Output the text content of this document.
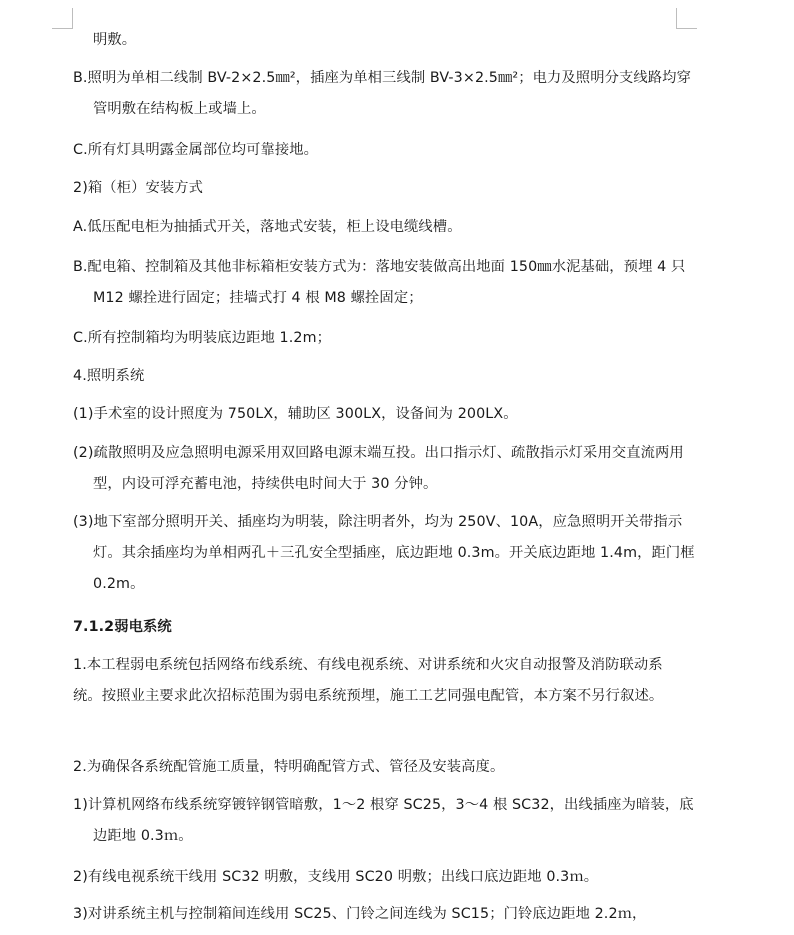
明敷。

B.照明为单相二线制 BV-2×2.5㎜²，插座为单相三线制 BV-3×2.5㎜²；电力及照明分支线路均穿管明敷在结构板上或墙上。

C.所有灯具明露金属部位均可靠接地。

2)箱（柜）安装方式

A.低压配电柜为抽插式开关，落地式安装，柜上设电缆线槽。

B.配电箱、控制箱及其他非标箱柜安装方式为：落地安装做高出地面 150㎜水泥基础，预埋 4 只 M12 螺拴进行固定；挂墙式打 4 根 M8 螺拴固定；

C.所有控制箱均为明装底边距地 1.2m；

4.照明系统

(1)手术室的设计照度为 750LX，辅助区 300LX，设备间为 200LX。

(2)疏散照明及应急照明电源采用双回路电源末端互投。出口指示灯、疏散指示灯采用交直流两用型，内设可浮充蓄电池，持续供电时间大于 30 分钟。

(3)地下室部分照明开关、插座均为明装，除注明者外，均为 250V、10A，应急照明开关带指示灯。其余插座均为单相两孔＋三孔安全型插座，底边距地 0.3m。开关底边距地 1.4m，距门框 0.2m。

7.1.2弱电系统

1.本工程弱电系统包括网络布线系统、有线电视系统、对讲系统和火灾自动报警及消防联动系统。按照业主要求此次招标范围为弱电系统预埋，施工工艺同强电配管，本方案不另行叙述。

2.为确保各系统配管施工质量，特明确配管方式、管径及安装高度。

1)计算机网络布线系统穿镀锌钢管暗敷，1～2 根穿 SC25，3～4 根 SC32，出线插座为暗装，底边距地 0.3ｍ。

2)有线电视系统干线用 SC32 明敷，支线用 SC20 明敷；出线口底边距地 0.3ｍ。

3)对讲系统主机与控制箱间连线用 SC25、门铃之间连线为 SC15；门铃底边距地 2.2ｍ，
